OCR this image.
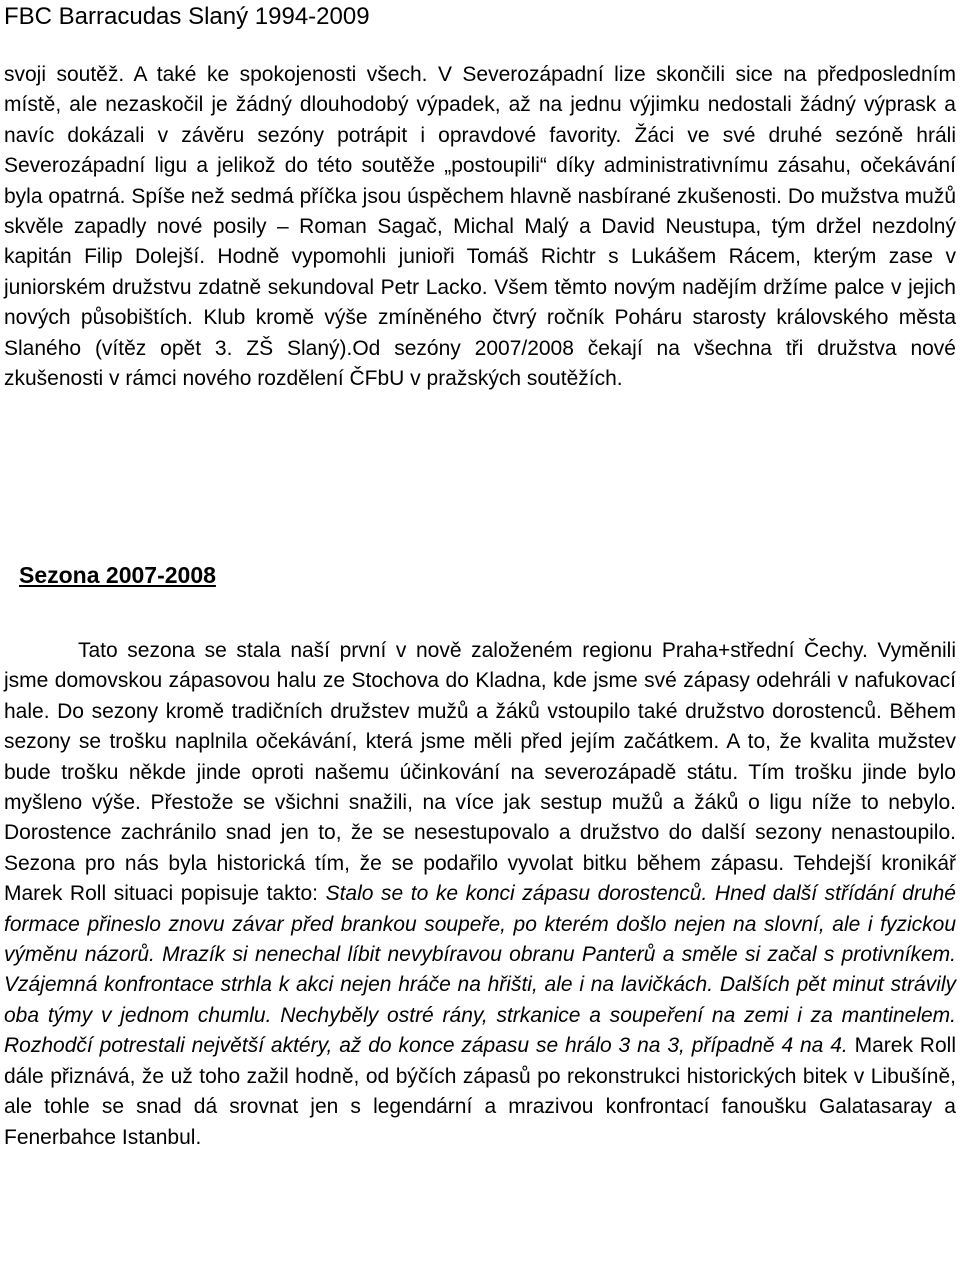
FBC Barracudas Slaný 1994-2009
svoji soutěž. A také ke spokojenosti všech. V Severozápadní lize skončili sice na předposledním místě, ale nezaskočil je žádný dlouhodobý výpadek, až na jednu výjimku nedostali žádný výprask a navíc dokázali v závěru sezóny potrápit i opravdové favority. Žáci ve své druhé sezóně hráli Severozápadní ligu a jelikož do této soutěže „postoupili“ díky administrativnímu zásahu, očekávání byla opatrná. Spíše než sedmá příčka jsou úspěchem hlavně nasbírané zkušenosti. Do mužstva mužů skvěle zapadly nové posily – Roman Sagač, Michal Malý a David Neustupa, tým držel nezdolný kapitán Filip Dolejší. Hodně vypomohli junioři Tomáš Richtr s Lukášem Rácem, kterým zase v juniorském družstvu zdatně sekundoval Petr Lacko. Všem těmto novým nadějím držíme palce v jejich nových působištích. Klub kromě výše zmíněného čtvrý ročník Poháru starosty královského města Slaného (vítěz opět 3. ZŠ Slaný).Od sezóny 2007/2008 čekají na všechna tři družstva nové zkušenosti v rámci nového rozdělení ČFbU v pražských soutěžích.
Sezona 2007-2008
Tato sezona se stala naší první v nově založeném regionu Praha+střední Čechy. Vyměnili jsme domovskou zápasovou halu ze Stochova do Kladna, kde jsme své zápasy odehráli v nafukovací hale. Do sezony kromě tradičních družstev mužů a žáků vstoupilo také družstvo dorostenců. Během sezony se trošku naplnila očekávání, která jsme měli před jejím začátkem. A to, že kvalita mužstev bude trošku někde jinde oproti našemu účinkování na severozápadě státu. Tím trošku jinde bylo myšleno výše. Přestože se všichni snažili, na více jak sestup mužů a žáků o ligu níže to nebylo. Dorostence zachránilo snad jen to, že se nesestupovalo a družstvo do další sezony nenastoupilo. Sezona pro nás byla historická tím, že se podařilo vyvolat bitku během zápasu. Tehdejší kronikář Marek Roll situaci popisuje takto: Stalo se to ke konci zápasu dorostenců. Hned další střídání druhé formace přineslo znovu závar před brankou soupeře, po kterém došlo nejen na slovní, ale i fyzickou výměnu názorů. Mrazík si nenechal líbit nevybíravou obranu Panterů a směle si začal s protivníkem. Vzájemná konfrontace strhla k akci nejen hráče na hřišti, ale i na lavičkách. Dalších pět minut strávily oba týmy v jednom chumlu. Nechyběly ostré rány, strkanice a soupeření na zemi i za mantinelem. Rozhodčí potrestali největší aktéry, až do konce zápasu se hrálo 3 na 3, případně 4 na 4. Marek Roll dále přiznává, že už toho zažil hodně, od býčích zápasů po rekonstrukci historických bitek v Libušíně, ale tohle se snad dá srovnat jen s legendární a mrazivou konfrontací fanoušku Galatasaray a Fenerbahce Istanbul.
